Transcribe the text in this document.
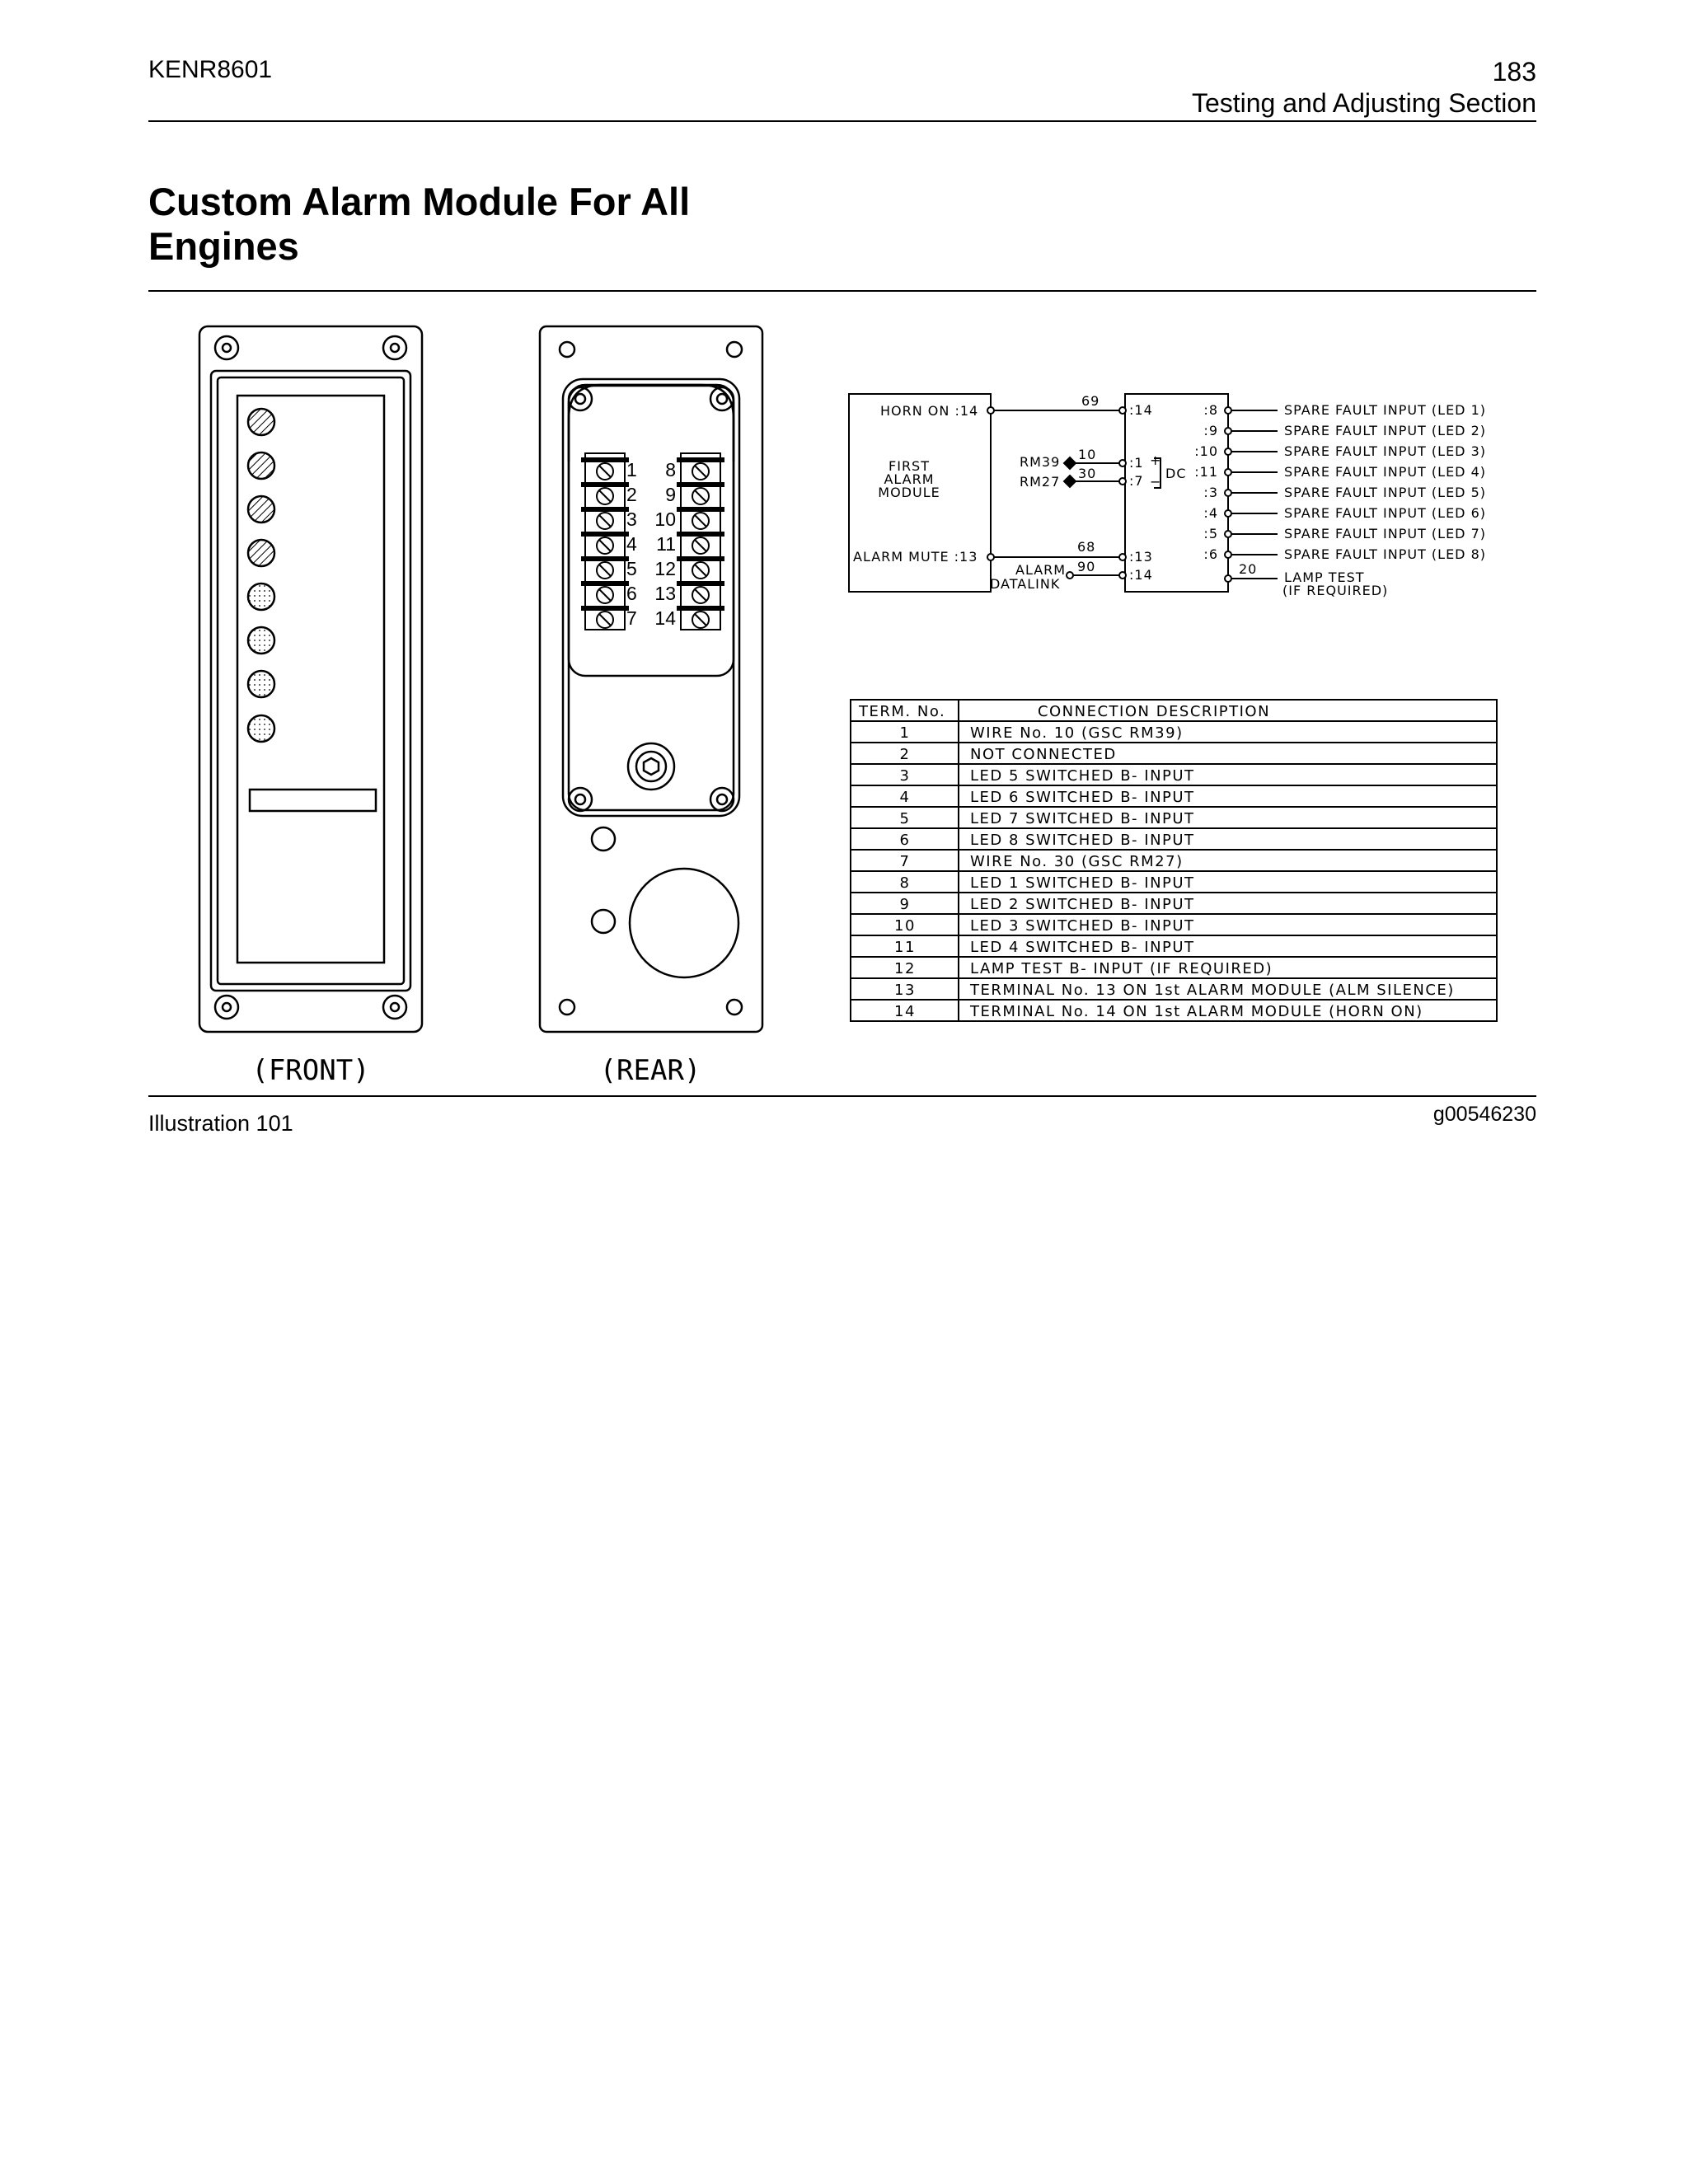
KENR8601	183
Testing and Adjusting Section
Custom Alarm Module For All
Engines
(FRONT)
1
2
3
4
5
6
7
8
9
10
11
12
13
14
(REAR)
HORN ON :14
FIRST
ALARM
MODULE
ALARM MUTE :13
69
RM39
RM27
10
30
68
90
ALARM
DATALINK
:14
:1
:7
+
−
DC
:13
:14	20
LAMP TEST
(IF REQUIRED)
:8	SPARE FAULT INPUT (LED 1)
:9	SPARE FAULT INPUT (LED 2)
:10	SPARE FAULT INPUT (LED 3)
:11	SPARE FAULT INPUT (LED 4)
:3	SPARE FAULT INPUT (LED 5)
:4	SPARE FAULT INPUT (LED 6)
:5	SPARE FAULT INPUT (LED 7)
:6	SPARE FAULT INPUT (LED 8)
TERM. No.	CONNECTION DESCRIPTION
1	WIRE No. 10 (GSC RM39)
2	NOT CONNECTED
3	LED 5 SWITCHED B- INPUT
4	LED 6 SWITCHED B- INPUT
5	LED 7 SWITCHED B- INPUT
6	LED 8 SWITCHED B- INPUT
7	WIRE No. 30 (GSC RM27)
8	LED 1 SWITCHED B- INPUT
9	LED 2 SWITCHED B- INPUT
10	LED 3 SWITCHED B- INPUT
11	LED 4 SWITCHED B- INPUT
12	LAMP TEST B- INPUT (IF REQUIRED)
13	TERMINAL No. 13 ON 1st ALARM MODULE (ALM SILENCE)
14	TERMINAL No. 14 ON 1st ALARM MODULE (HORN ON)
Illustration 101	g00546230
